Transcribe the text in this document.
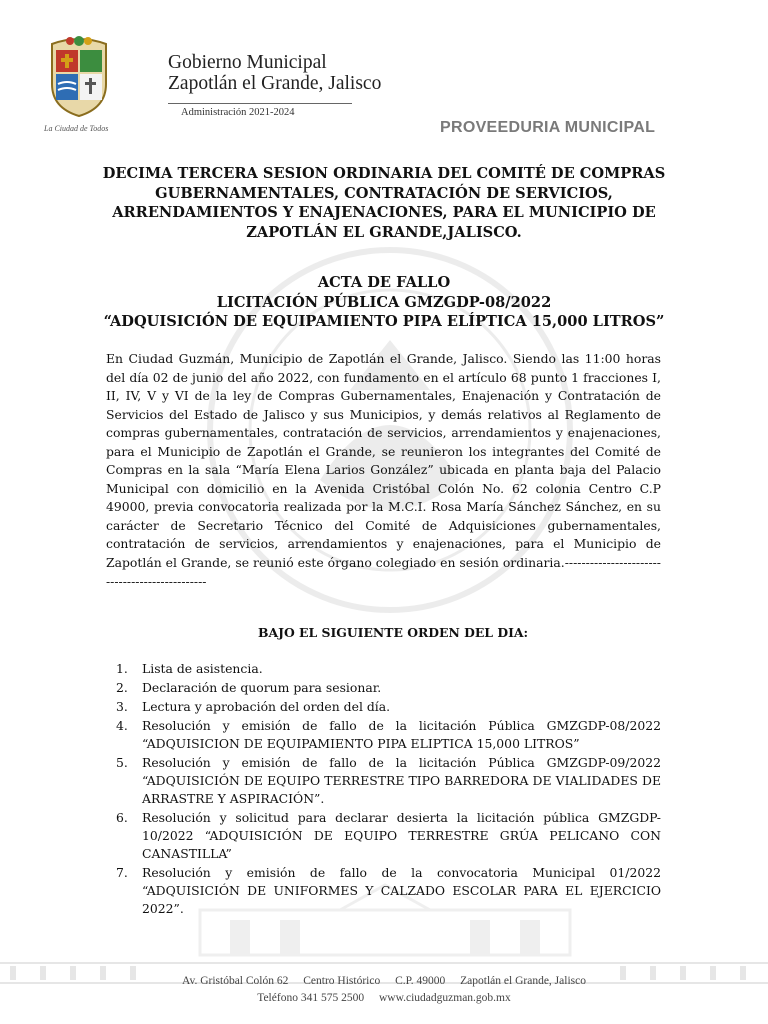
La Ciudad de Todos
Gobierno Municipal
Zapotlán el Grande, Jalisco
Administración 2021-2024
PROVEEDURIA MUNICIPAL
DECIMA TERCERA SESION ORDINARIA DEL COMITÉ DE COMPRAS
GUBERNAMENTALES, CONTRATACIÓN DE SERVICIOS,
ARRENDAMIENTOS Y ENAJENACIONES, PARA EL MUNICIPIO DE
ZAPOTLÁN EL GRANDE,JALISCO.
ACTA DE FALLO
LICITACIÓN PÚBLICA GMZGDP-08/2022
“ADQUISICIÓN DE EQUIPAMIENTO PIPA ELÍPTICA 15,000 LITROS”
En Ciudad Guzmán, Municipio de Zapotlán el Grande, Jalisco. Siendo las 11:00 horas del día 02 de junio del año 2022, con fundamento en el artículo 68 punto 1 fracciones I, II, IV, V y VI de la ley de Compras Gubernamentales, Enajenación y Contratación de Servicios del Estado de Jalisco y sus Municipios, y demás relativos al Reglamento de compras gubernamentales, contratación de servicios, arrendamientos y enajenaciones, para el Municipio de Zapotlán el Grande, se reunieron los integrantes del Comité de Compras en la sala “María Elena Larios González” ubicada en planta baja del Palacio Municipal con domicilio en la Avenida Cristóbal Colón No. 62 colonia Centro C.P 49000, previa convocatoria realizada por la M.C.I. Rosa María Sánchez Sánchez, en su carácter de Secretario Técnico del Comité de Adquisiciones gubernamentales, contratación de servicios, arrendamientos y enajenaciones, para el Municipio de Zapotlán el Grande, se reunió este órgano colegiado en sesión ordinaria.-----------------------------------------------
BAJO EL SIGUIENTE ORDEN DEL DIA:
1. Lista de asistencia.
2. Declaración de quorum para sesionar.
3. Lectura y aprobación del orden del día.
4. Resolución y emisión de fallo de la licitación Pública GMZGDP-08/2022 “ADQUISICION DE EQUIPAMIENTO PIPA ELIPTICA 15,000 LITROS”
5. Resolución y emisión de fallo de la licitación Pública GMZGDP-09/2022 “ADQUISICIÓN DE EQUIPO TERRESTRE TIPO BARREDORA DE VIALIDADES DE ARRASTRE Y ASPIRACIÓN”.
6. Resolución y solicitud para declarar desierta la licitación pública GMZGDP-10/2022 “ADQUISICIÓN DE EQUIPO TERRESTRE GRÚA PELICANO CON CANASTILLA”
7. Resolución y emisión de fallo de la convocatoria Municipal 01/2022 “ADQUISICIÓN DE UNIFORMES Y CALZADO ESCOLAR PARA EL EJERCICIO 2022”.
Av. Gristóbal Colón 62 Centro Histórico C.P. 49000 Zapotlán el Grande, Jalisco
Teléfono 341 575 2500 www.ciudadguzman.gob.mx
